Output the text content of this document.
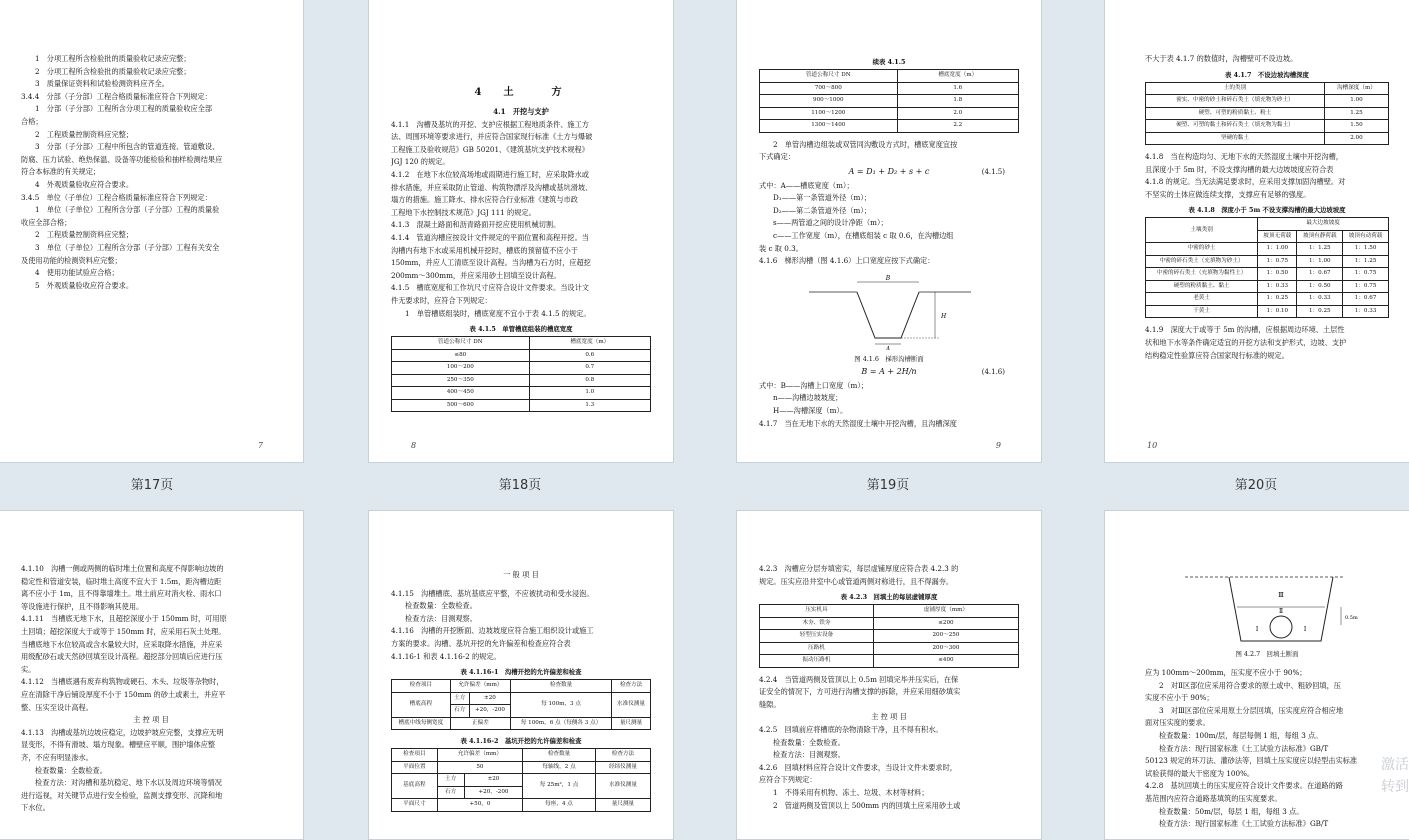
1　分项工程所含检验批的质量验收记录应完整；
2　分项工程所含检验批的质量验收记录应完整；
3　质量保证资料和试验检测资料应齐全。
3.4.4　分部（子分部）工程合格质量标准应符合下列规定：
1　分部（子分部）工程所含分项工程的质量验收应全部
合格；
2　工程质量控制资料应完整；
3　分部（子分部）工程中所包含的管道连接、管道敷设、
防腐、压力试验、绝热保温、设备等功能检验和抽样检测结果应
符合本标准的有关规定；
4　外观质量验收应符合要求。
3.4.5　单位（子单位）工程合格质量标准应符合下列规定：
1　单位（子单位）工程所含分部（子分部）工程的质量验
收应全部合格；
2　工程质量控制资料应完整；
3　单位（子单位）工程所含分部（子分部）工程有关安全
及使用功能的检测资料应完整；
4　使用功能试验应合格；
5　外观质量验收应符合要求。
7
第17页
4　土　　方
4.1　开挖与支护
4.1.1　沟槽及基坑的开挖、支护应根据工程地质条件、施工方
法、周围环境等要求进行，并应符合国家现行标准《土方与爆破
工程施工及验收规范》GB 50201、《建筑基坑支护技术规程》
JGJ 120 的规定。
4.1.2　在地下水位较高场地或雨期进行施工时，应采取降水或
排水措施，并应采取防止管道、构筑物漂浮及沟槽或基坑滑坡、
塌方的措施。施工降水、排水应符合行业标准《建筑与市政
工程地下水控制技术规范》JGJ 111 的规定。
4.1.3　混凝土路面和沥青路面开挖应使用机械切割。
4.1.4　管道沟槽应按设计文件规定的平面位置和高程开挖。当
沟槽内有地下水或采用机械开挖时，槽底的预留值不应小于
150mm，并应人工清底至设计高程。当沟槽为石方时，应超挖
200mm～300mm，并应采用砂土回填至设计高程。
4.1.5　槽底宽度和工作坑尺寸应符合设计文件要求。当设计文
件无要求时，应符合下列规定：
1　单管槽底组装时，槽底宽度不宜小于表 4.1.5 的规定。
表 4.1.5　单管槽底组装的槽底宽度
管道公称尺寸 DN	槽底宽度（m）
≤80	0.6
100～200	0.7
250～350	0.8
400～450	1.0
500～600	1.3
8
第18页
续表 4.1.5
管道公称尺寸 DN	槽底宽度（m）
700～800	1.6
900～1000	1.8
1100～1200	2.0
1300～1400	2.2
2　单管沟槽边组装或双管同沟敷设方式时，槽底宽度宜按
下式确定：
A = D₁ + D₂ + s + c	(4.1.5)
式中：A——槽底宽度（m）；
D₁——第一条管道外径（m）；
D₂——第二条管道外径（m）；
s——两管道之间的设计净距（m）；
c——工作宽度（m），在槽底组装 c 取 0.6，在沟槽边组
装 c 取 0.3。
4.1.6　梯形沟槽（图 4.1.6）上口宽度应按下式确定：
B
A
H
图 4.1.6　梯形沟槽断面
B = A + 2H/n	(4.1.6)
式中：B——沟槽上口宽度（m）；
n——沟槽边坡坡度；
H——沟槽深度（m）。
4.1.7　当在无地下水的天然湿度土壤中开挖沟槽，且沟槽深度
9
第19页
不大于表 4.1.7 的数值时，沟槽壁可不设边坡。
表 4.1.7　不设边坡沟槽深度
土的类别	沟槽深度（m）
密实、中密的砂土和碎石类土（填充物为砂土）	1.00
硬塑、可塑的粉质黏土、粉土	1.25
硬塑、可塑的黏土和碎石类土（填充物为黏土）	1.50
坚硬的黏土	2.00
4.1.8　当在构造均匀、无地下水的天然湿度土壤中开挖沟槽，
且深度小于 5m 时，不设支撑沟槽的最大边坡坡度应符合表
4.1.8 的规定。当无法满足要求时，应采用支撑加固沟槽壁。对
不坚实的土体应做连续支撑，支撑应有足够的强度。
表 4.1.8　深度小于 5m 不设支撑沟槽的最大边坡坡度
土壤类别	最大边坡坡度		
	坡顶无荷载	坡顶有静荷载	坡顶有动荷载
中密的砂土	1：1.00	1：1.25	1：1.50
中密的碎石类土（充填物为砂土）	1：0.75	1：1.00	1：1.25
中密的碎石类土（充填物为黏性土）	1：0.50	1：0.67	1：0.75
硬塑的粉质黏土、黏土	1：0.33	1：0.50	1：0.75
老黄土	1：0.25	1：0.33	1：0.67
干黄土	1：0.10	1：0.25	1：0.33
4.1.9　深度大于或等于 5m 的沟槽，应根据周边环境、土层性
状和地下水等条件确定适宜的开挖方法和支护形式，边坡、支护
结构稳定性验算应符合国家现行标准的规定。
10
第20页
4.1.10　沟槽一侧或两侧的临时堆土位置和高度不得影响边坡的
稳定性和管道安装，临时堆土高度不宜大于 1.5m，距沟槽边距
离不应小于 1m，且不得靠墙堆土。堆土前应对消火栓、雨水口
等设施进行保护，且不得影响其使用。
4.1.11　当槽底无地下水，且超挖深度小于 150mm 时，可用原
土回填；超挖深度大于或等于 150mm 时，应采用石灰土处理。
当槽底地下水位较高或含水量较大时，应采取降水措施，并应采
用级配砂石或天然砂回填至设计高程。超挖部分回填后应进行压
实。
4.1.12　当槽底遇有废弃构筑物或硬石、木头、垃圾等杂物时，
应在清除干净后铺设厚度不小于 150mm 的砂土或素土，并应平
整、压实至设计高程。
主 控 项 目
4.1.13　沟槽或基坑边坡应稳定，边坡护坡应完整，支撑应无明
显变形，不得有滑坡、塌方现象。槽壁应平顺，围护墙体应整
齐，不应有明显渗水。
检查数量：全数检查。
检查方法：对沟槽和基坑稳定、地下水以及周边环境等情况
进行巡视，对关键节点进行安全检验，监测支撑变形、沉降和地
下水位。
一 般 项 目
4.1.15　沟槽槽底、基坑基底应平整，不应被扰动和受水浸泡。
检查数量：全数检查。
检查方法：目测观察。
4.1.16　沟槽的开挖断面、边坡坡度应符合施工组织设计或施工
方案的要求。沟槽、基坑开挖的允许偏差和检查应符合表
4.1.16-1 和表 4.1.16-2 的规定。
表 4.1.16-1　沟槽开挖的允许偏差和检查
检查项目	允许偏差（mm）		检查数量	检查方法
槽底高程	土方	±20	每 100m，3 点	水准仪测量
	石方	+20，-200		
槽底中线每侧宽度	正偏差		每 100m，6 点（每侧各 3 点）	量尺测量
表 4.1.16-2　基坑开挖的允许偏差和检查
检查项目	允许偏差（mm）		检查数量	检查方法
平面位置	50		每轴线，2 点	经纬仪测量
基底高程	土方	±20	每 25m²，1 点	水准仪测量
	石方	+20，-200		
平面尺寸	+50，0		每座，4 点	量尺测量
4.2.3　沟槽应分层夯填密实，每层虚铺厚度应符合表 4.2.3 的
规定。压实应沿井室中心或管道两侧对称进行，且不得漏夯。
表 4.2.3　回填土的每层虚铺厚度
压实机具	虚铺厚度（mm）
木夯、铁夯	≤200
轻型压实设备	200～250
压路机	200～300
振动压路机	≤400
4.2.4　当管道两侧及管顶以上 0.5m 回填完毕并压实后，在保
证安全的情况下，方可进行沟槽支撑的拆除，并应采用细砂填实
缝隙。
主 控 项 目
4.2.5　回填前应将槽底的杂物清除干净，且不得有积水。
检查数量：全数检查。
检查方法：目测观察。
4.2.6　回填材料应符合设计文件要求，当设计文件未要求时，
应符合下列规定：
1　不得采用有机物、冻土、垃圾、木材等材料；
2　管道两侧及管顶以上 500mm 内的回填土应采用砂土或
Ⅲ
Ⅱ
Ⅰ	Ⅰ
0.5m
图 4.2.7　回填土断面
应为 100mm～200mm，压实度不应小于 90%；
2　对Ⅱ区部位应采用符合要求的原土或中、粗砂回填，压
实度不应小于 90%；
3　对Ⅲ区部位应采用原土分层回填，压实度应符合相应地
面对压实度的要求。
检查数量：100m/层，每层每侧 1 组，每组 3 点。
检查方法：现行国家标准《土工试验方法标准》GB/T
50123 规定的环刀法、灌砂法等，回填土压实度应以轻型击实标准
试验获得的最大干密度为 100%。
4.2.8　基坑回填土的压实度应符合设计文件要求。在道路的路
基范围内应符合道路基填筑的压实度要求。
检查数量：50m/层，每层 1 组，每组 3 点。
检查方法：现行国家标准《土工试验方法标准》GB/T
激活
转到
